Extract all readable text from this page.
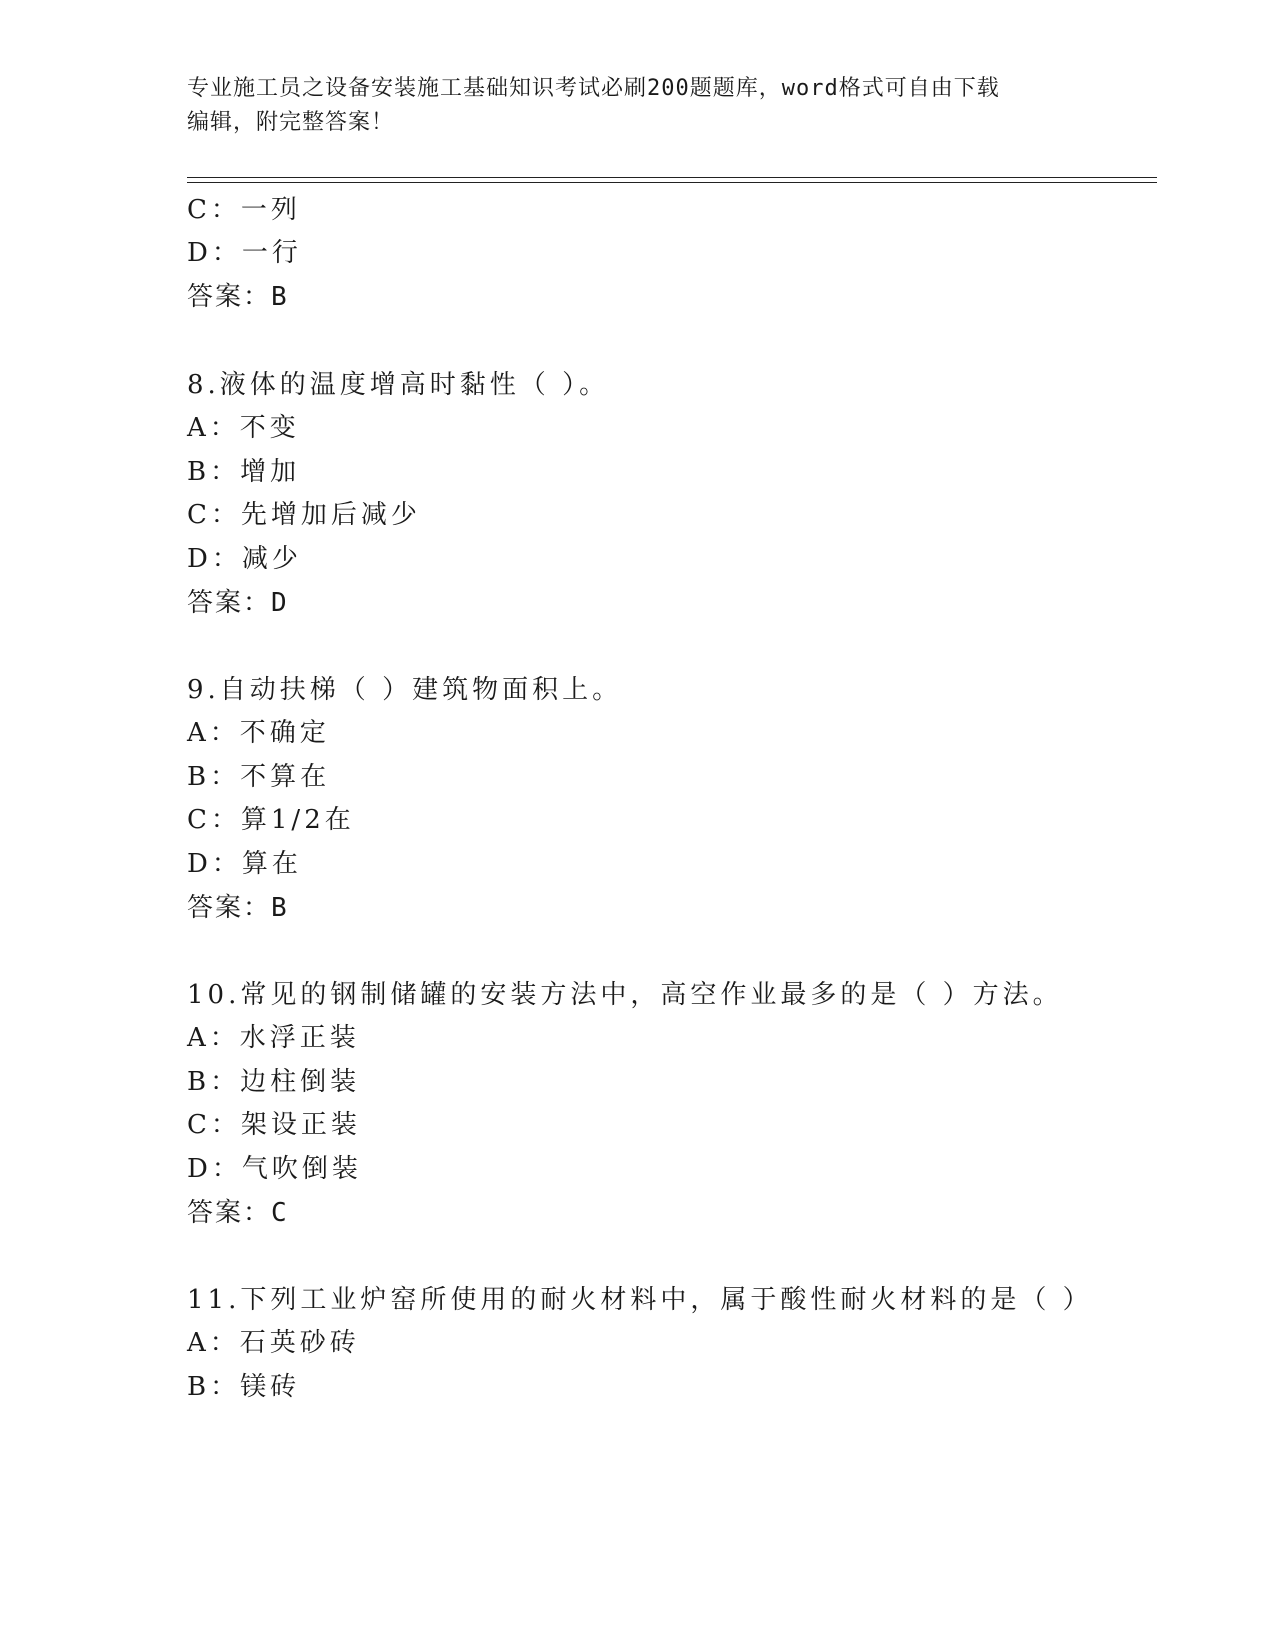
专业施工员之设备安装施工基础知识考试必刷200题题库，word格式可自由下载
编辑，附完整答案！
C：一列
D：一行
答案：B
8.液体的温度增高时黏性（ ）。
A：不变
B：增加
C：先增加后减少
D：减少
答案：D
9.自动扶梯（ ）建筑物面积上。
A：不确定
B：不算在
C：算1/2在
D：算在
答案：B
10.常见的钢制储罐的安装方法中，高空作业最多的是（ ）方法。
A：水浮正装
B：边柱倒装
C：架设正装
D：气吹倒装
答案：C
11.下列工业炉窑所使用的耐火材料中，属于酸性耐火材料的是（ ）
A：石英砂砖
B：镁砖
